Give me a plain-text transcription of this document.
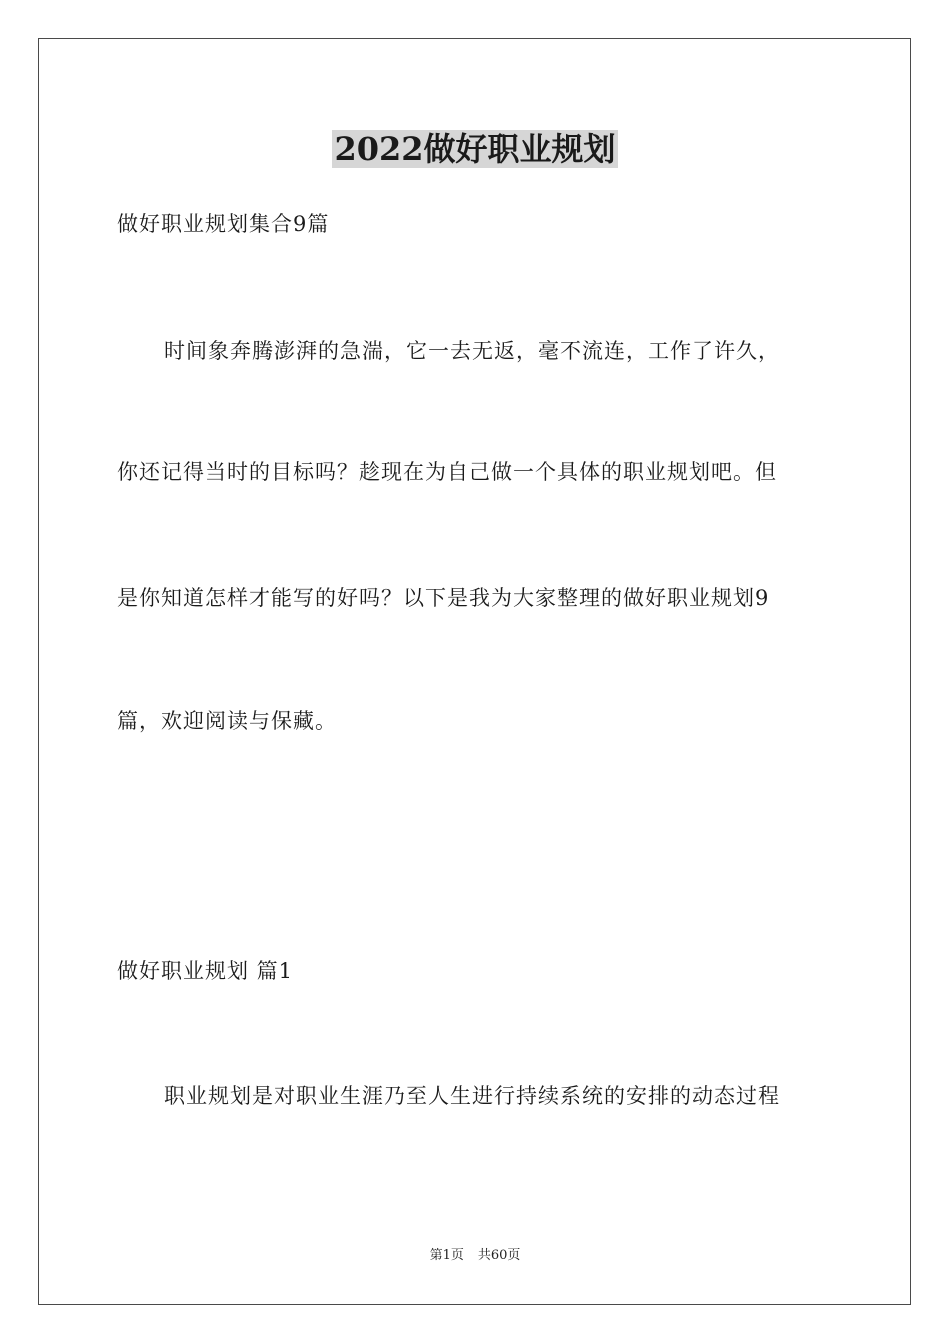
2022做好职业规划
做好职业规划集合9篇
时间象奔腾澎湃的急湍，它一去无返，毫不流连，工作了许久，
你还记得当时的目标吗？趁现在为自己做一个具体的职业规划吧。但
是你知道怎样才能写的好吗？以下是我为大家整理的做好职业规划9
篇，欢迎阅读与保藏。
做好职业规划 篇1
职业规划是对职业生涯乃至人生进行持续系统的安排的动态过程
第1页 共60页
